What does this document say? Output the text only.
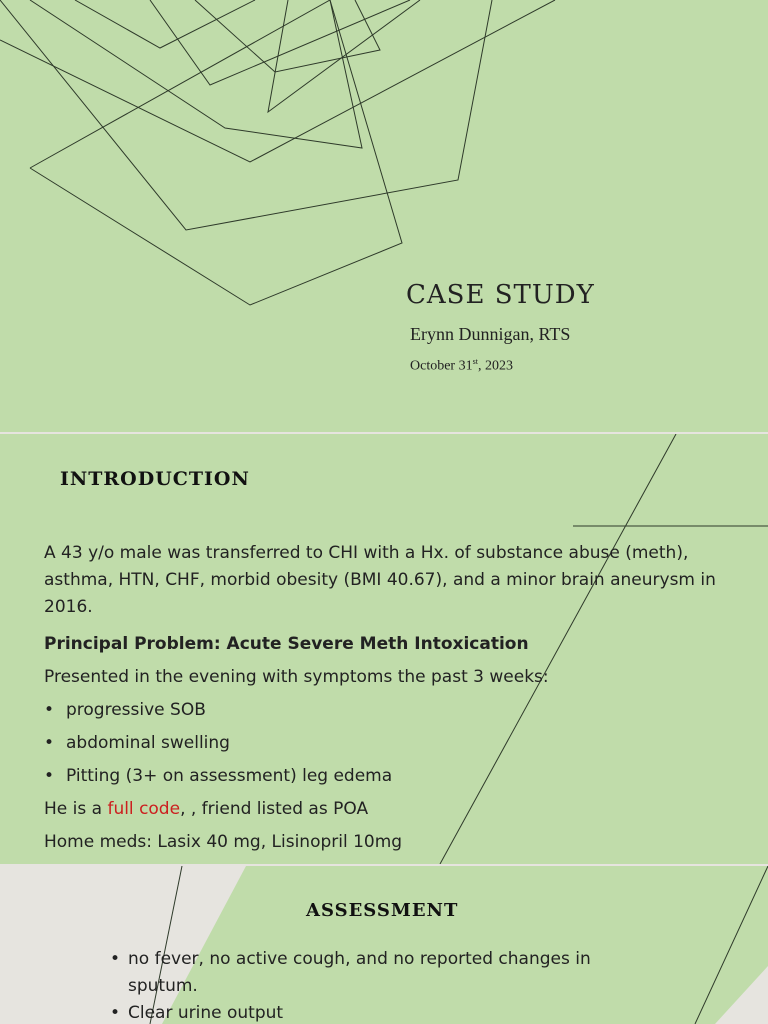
CASE STUDY
Erynn Dunnigan, RTS
October 31st, 2023
INTRODUCTION

A 43 y/o male was transferred to CHI with a Hx. of substance abuse (meth), asthma, HTN, CHF, morbid obesity (BMI 40.67), and a minor brain aneurysm in 2016.

Principal Problem: Acute Severe Meth Intoxication
Presented in the evening with symptoms the past 3 weeks:
• progressive SOB
• abdominal swelling
• Pitting (3+ on assessment) leg edema
He is a full code, , friend listed as POA
Home meds: Lasix 40 mg, Lisinopril 10mg
ASSESSMENT
• no fever, no active cough, and no reported changes in sputum.
• Clear urine output
